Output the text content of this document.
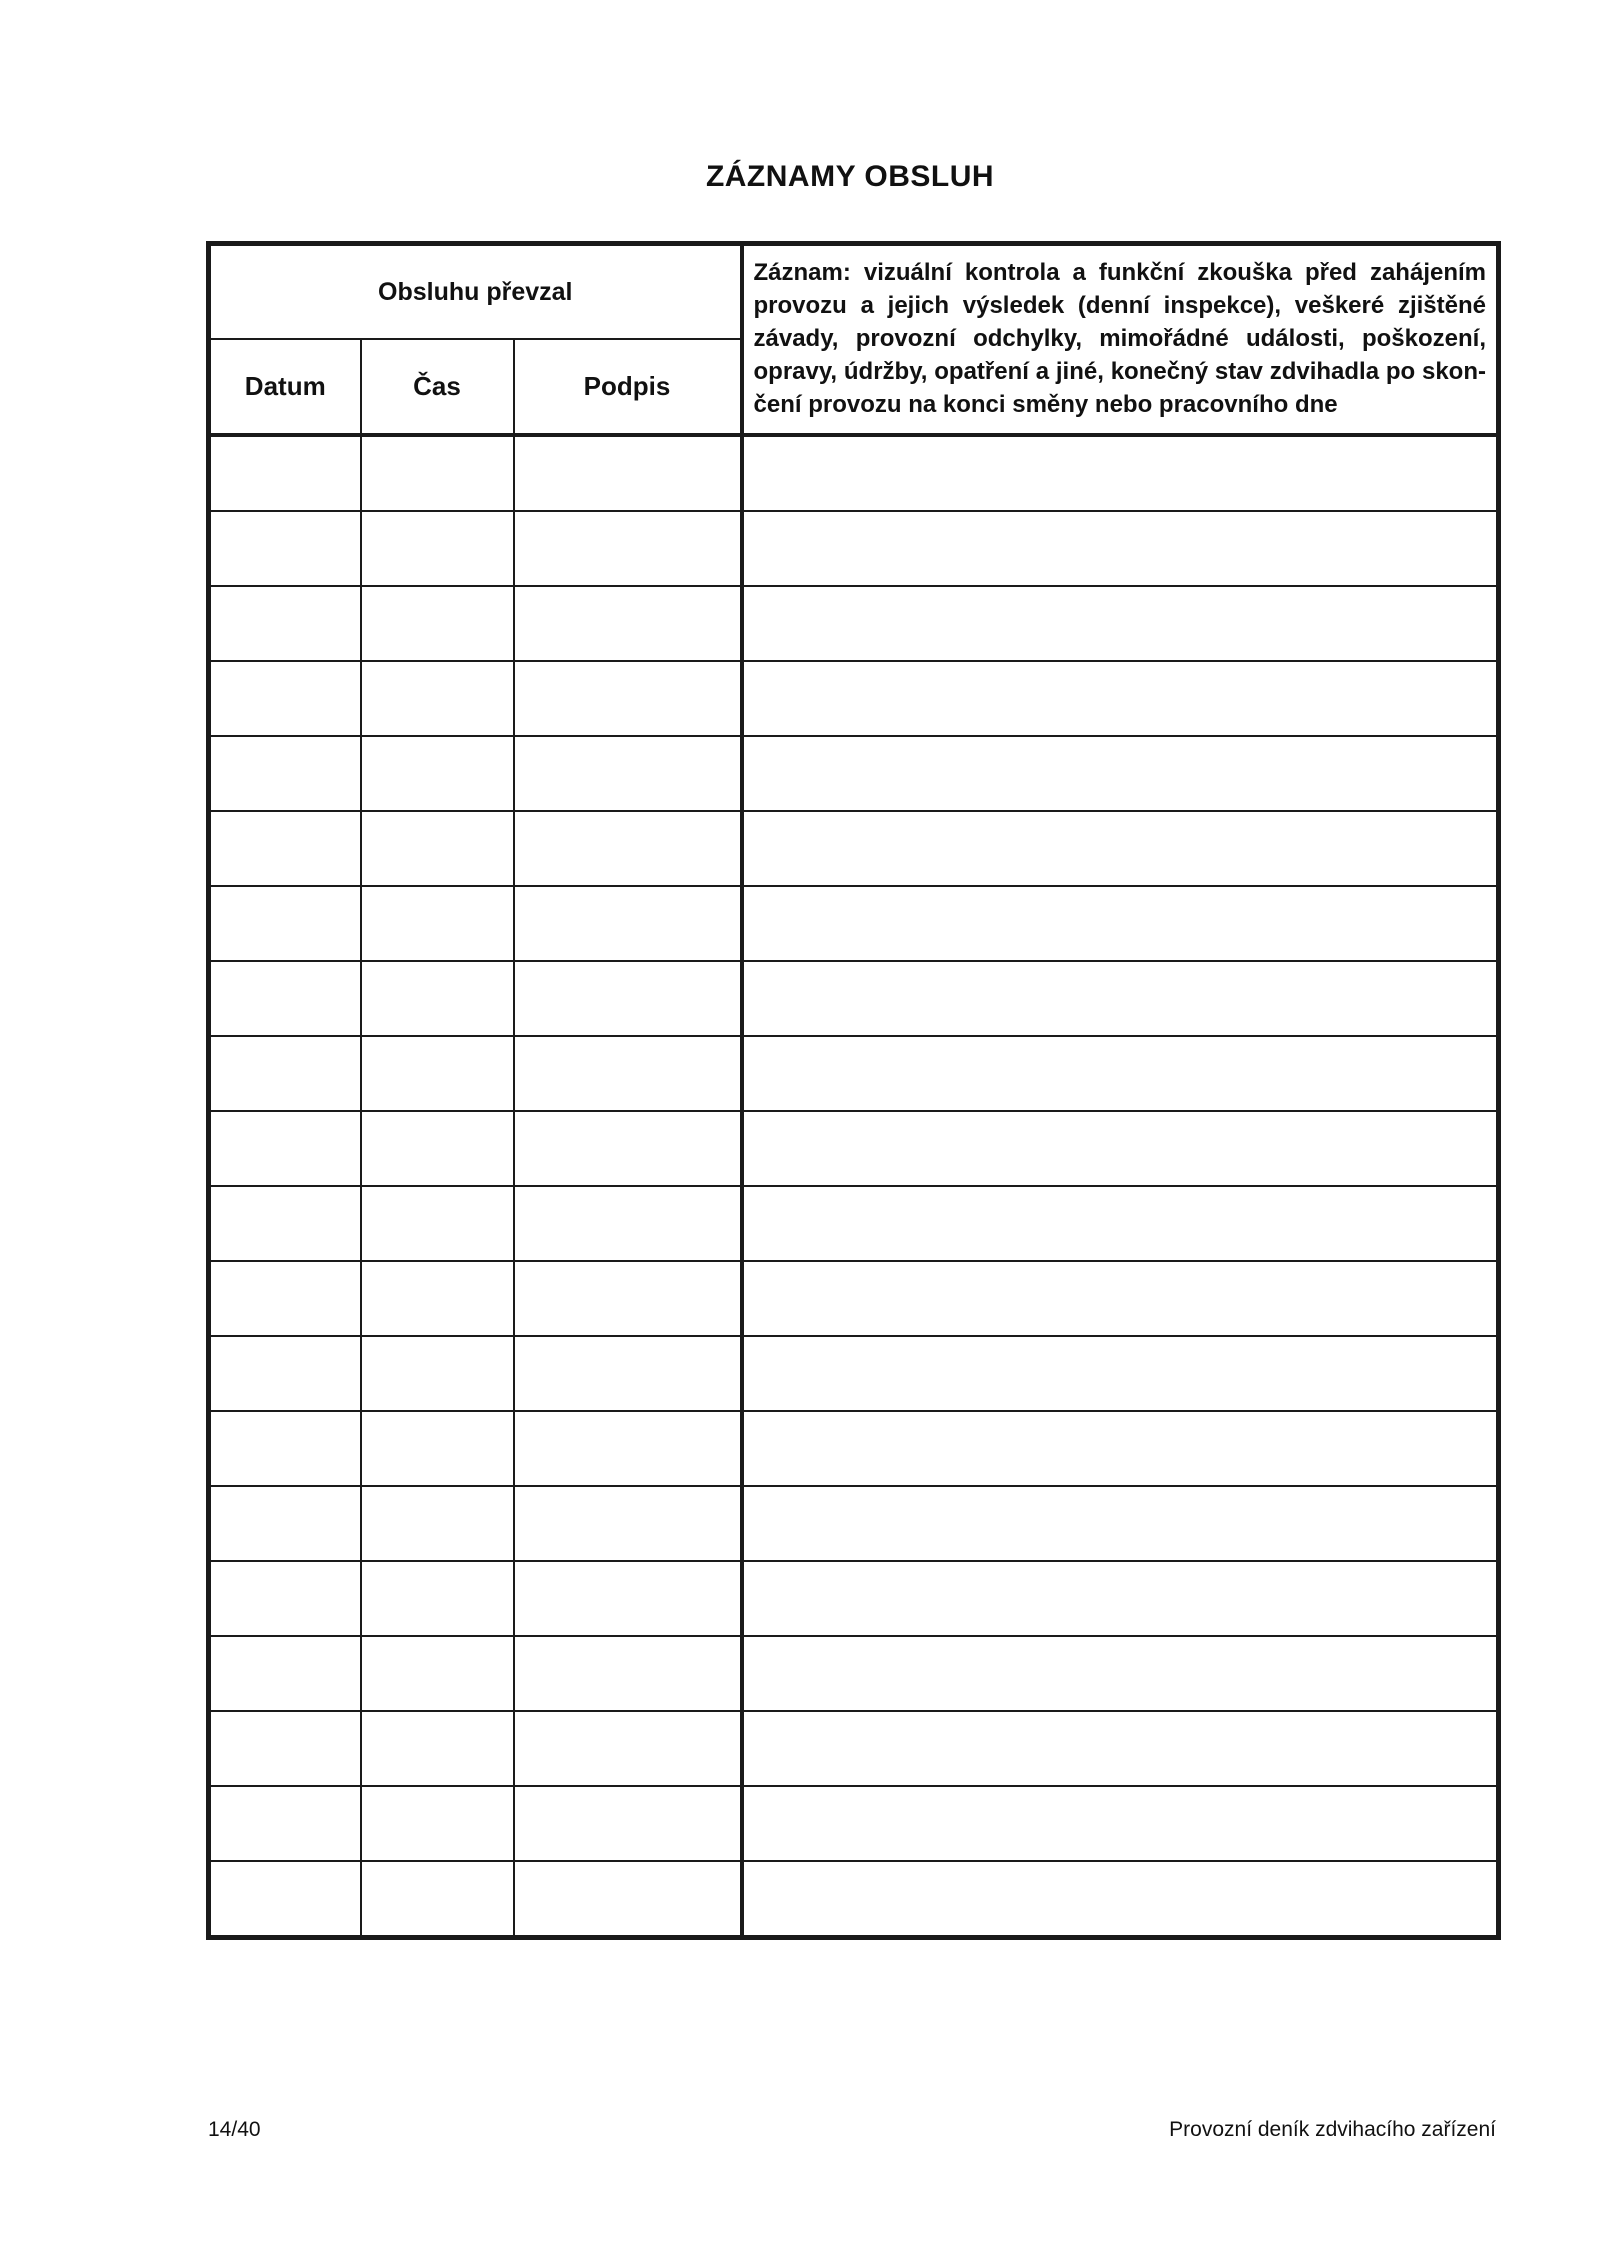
ZÁZNAMY OBSLUH
Obsluhu převzal			Záznam: vizuální kontrola a funkční zkouška před zahájením provozu a jejich výsledek (denní inspekce), veškeré zjištěné závady, provozní odchylky, mimořádné události, poškození, opravy, údržby, opatření a jiné, konečný stav zdvihadla po skon-čení provozu na konci směny nebo pracovního dne
Datum	Čas	Podpis	

14/40	Provozní deník zdvihacího zařízení
